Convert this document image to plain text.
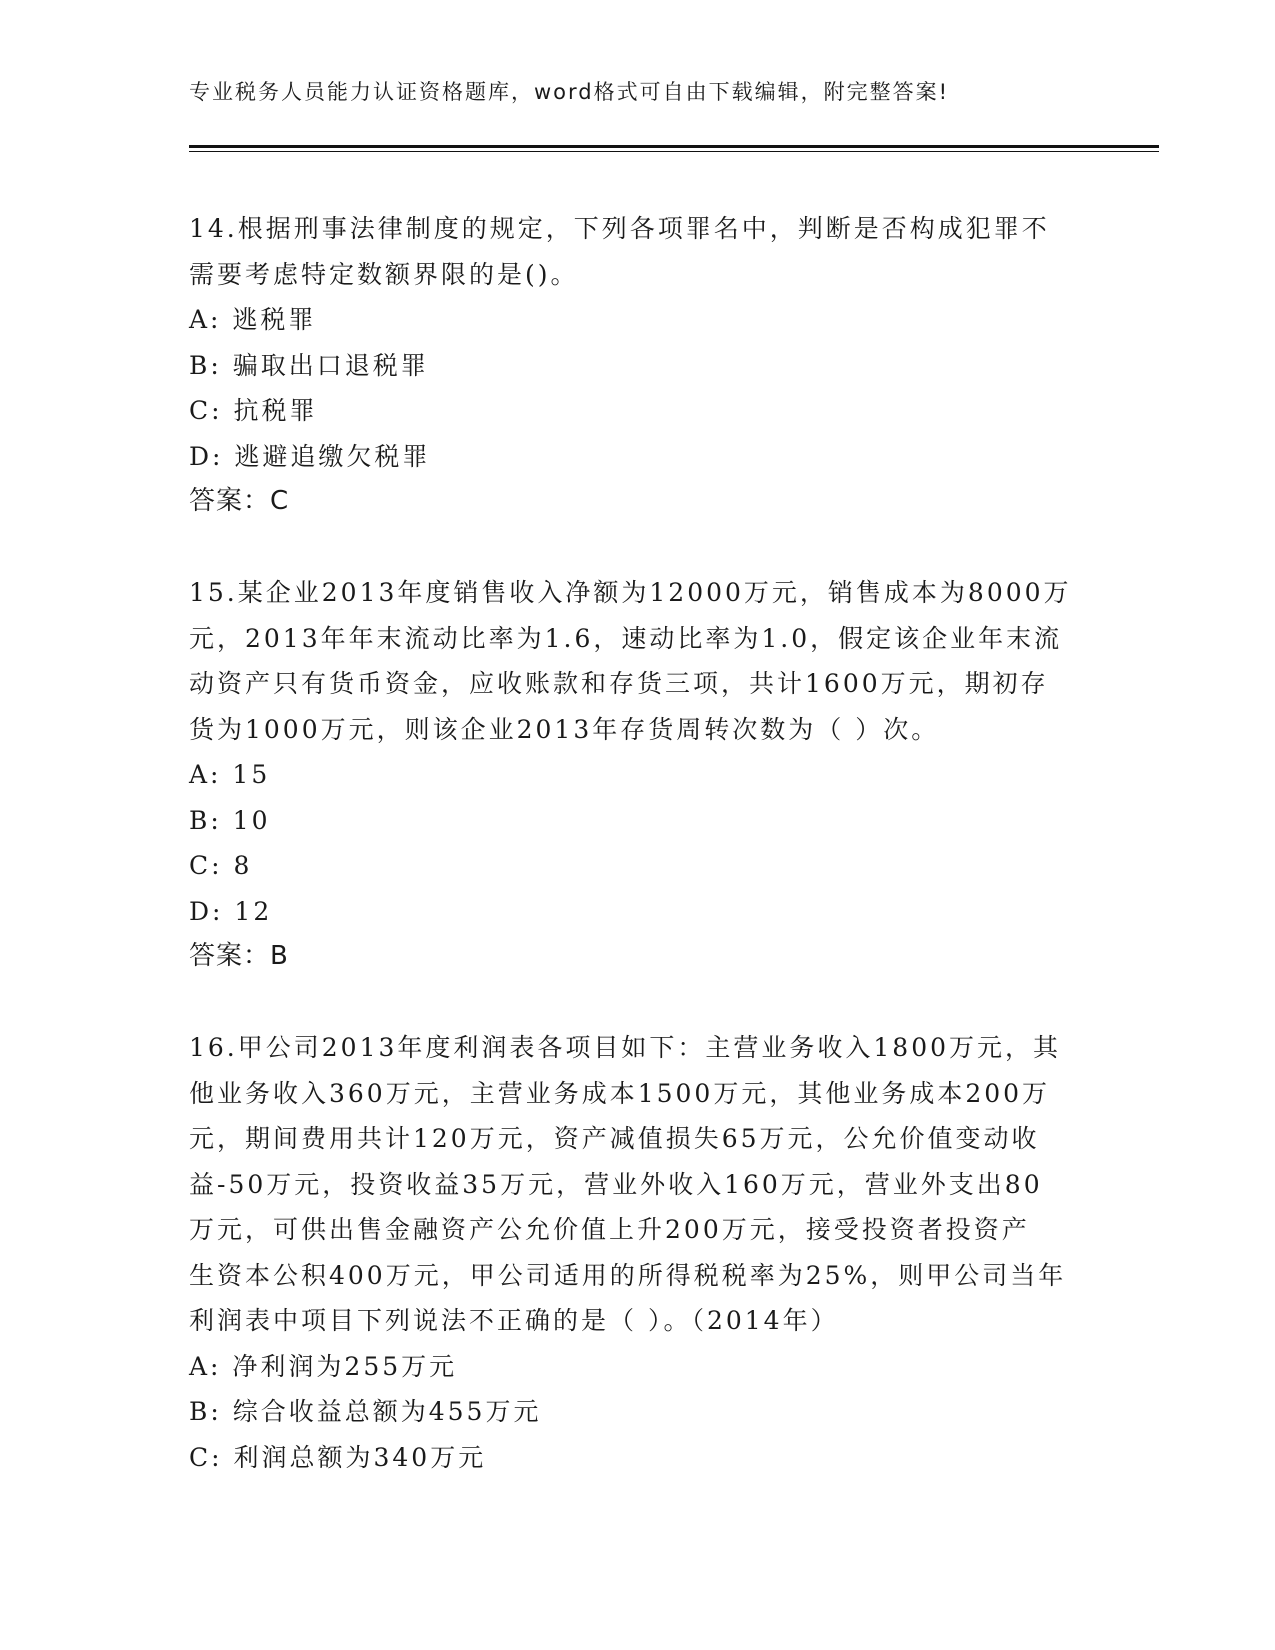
专业税务人员能力认证资格题库，word格式可自由下载编辑，附完整答案!

14.根据刑事法律制度的规定，下列各项罪名中，判断是否构成犯罪不

需要考虑特定数额界限的是()。

A: 逃税罪

B: 骗取出口退税罪

C: 抗税罪

D: 逃避追缴欠税罪

答案：C

15.某企业2013年度销售收入净额为12000万元，销售成本为8000万

元，2013年年末流动比率为1.6，速动比率为1.0，假定该企业年末流

动资产只有货币资金，应收账款和存货三项，共计1600万元，期初存

货为1000万元，则该企业2013年存货周转次数为（ ）次。

A: 15

B: 10

C: 8

D: 12

答案：B

16.甲公司2013年度利润表各项目如下：主营业务收入1800万元，其

他业务收入360万元，主营业务成本1500万元，其他业务成本200万

元，期间费用共计120万元，资产减值损失65万元，公允价值变动收

益-50万元，投资收益35万元，营业外收入160万元，营业外支出80

万元，可供出售金融资产公允价值上升200万元，接受投资者投资产

生资本公积400万元，甲公司适用的所得税税率为25%，则甲公司当年

利润表中项目下列说法不正确的是（ ）。（2014年）

A: 净利润为255万元

B: 综合收益总额为455万元

C: 利润总额为340万元
